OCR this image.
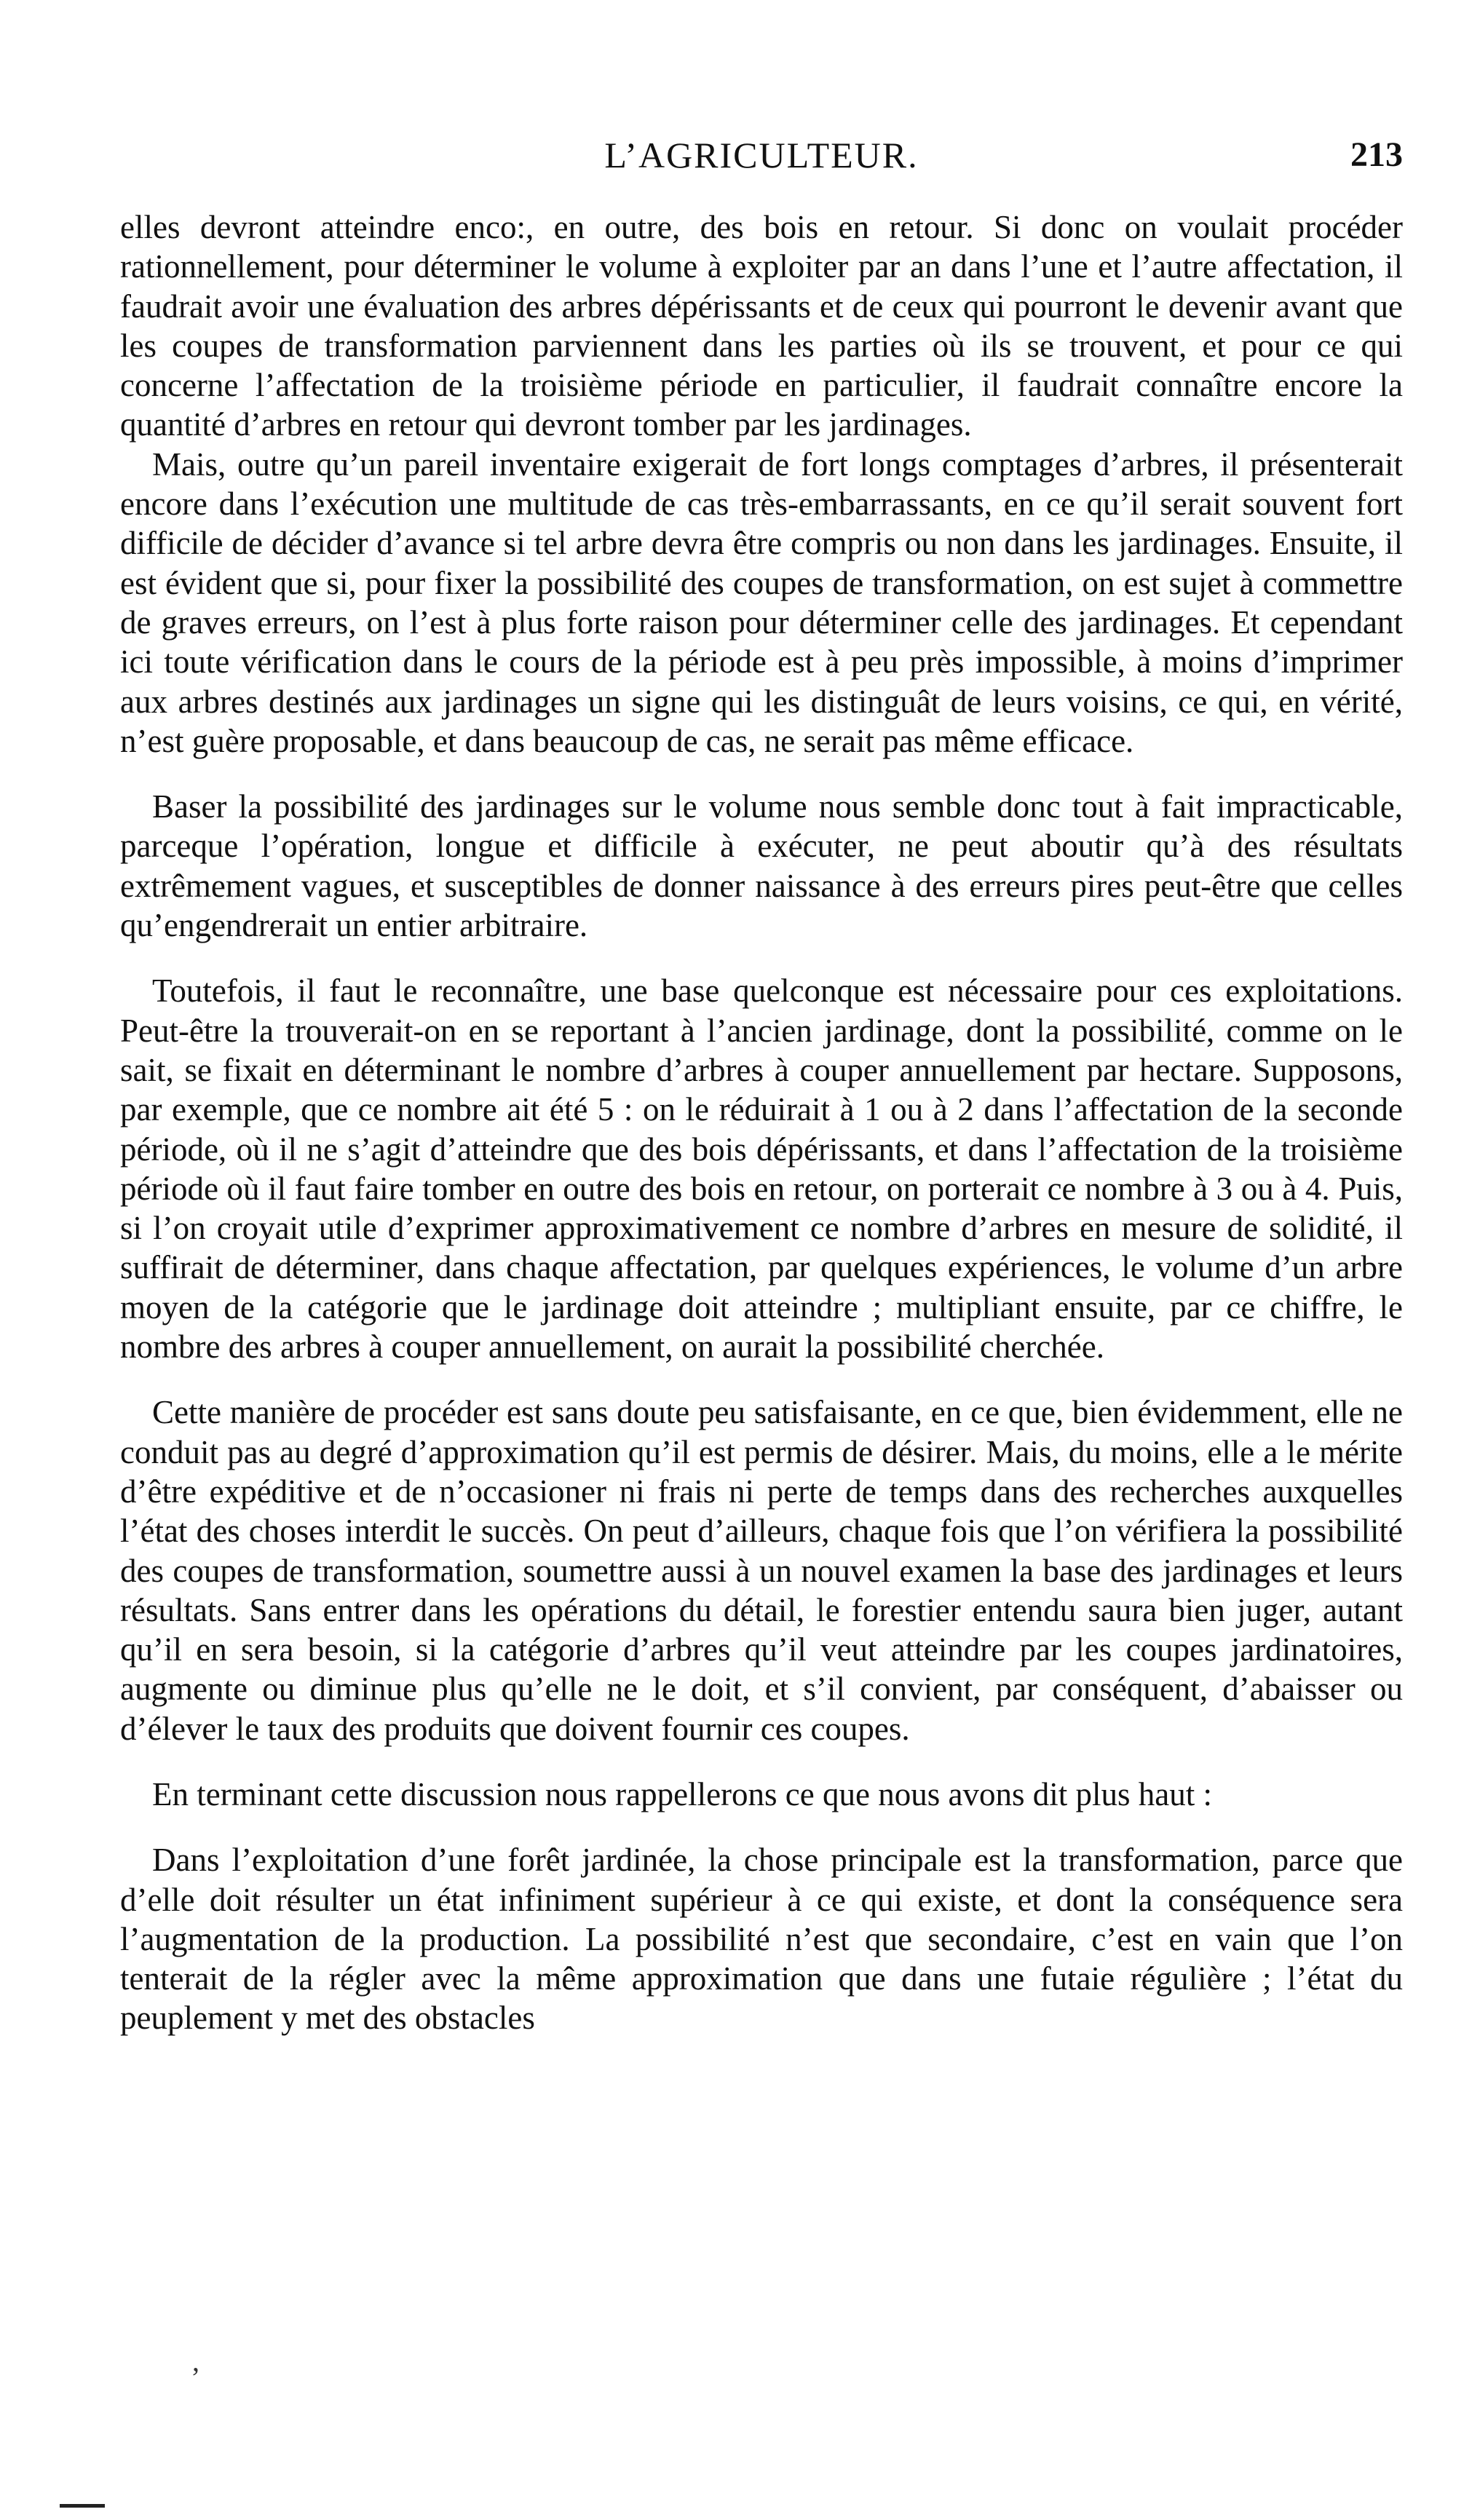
L’AGRICULTEUR.	213

elles devront atteindre enco​:, en outre, des bois en retour. Si donc on voulait procéder rationnellement, pour déterminer le volume à exploiter par an dans l’une et l’autre affectation, il faudrait avoir une évaluation des arbres dépérissants et de ceux qui pourront le devenir avant que les coupes de transformation parviennent dans les parties où ils se trouvent, et pour ce qui concerne l’affectation de la troisième période en particulier, il faudrait connaître encore la quantité d’arbres en retour qui devront tomber par les jardinages.

Mais, outre qu’un pareil inventaire exigerait de fort longs comptages d’arbres, il présenterait encore dans l’exécution une multitude de cas très-embarrassants, en ce qu’il serait souvent fort difficile de décider d’avance si tel arbre devra être compris ou non dans les jardinages. Ensuite, il est évident que si, pour fixer la possibilité des coupes de transformation, on est sujet à commettre de graves erreurs, on l’est à plus forte raison pour déterminer celle des jardinages. Et cependant ici toute vérification dans le cours de la période est à peu près impossible, à moins d’imprimer aux arbres destinés aux jardinages un signe qui les distinguât de leurs voisins, ce qui, en vérité, n’est guère proposable, et dans beaucoup de cas, ne serait pas même efficace.

Baser la possibilité des jardinages sur le volume nous semble donc tout à fait impracticable, parceque l’opération, longue et difficile à exécuter, ne peut aboutir qu’à des résultats extrêmement vagues, et susceptibles de donner naissance à des erreurs pires peut-être que celles qu’engendrerait un entier arbitraire.

Toutefois, il faut le reconnaître, une base quelconque est nécessaire pour ces exploitations. Peut-être la trouverait-on en se reportant à l’ancien jardinage, dont la possibilité, comme on le sait, se fixait en déterminant le nombre d’arbres à couper annuellement par hectare. Supposons, par exemple, que ce nombre ait été 5 : on le réduirait à 1 ou à 2 dans l’affectation de la seconde période, où il ne s’agit d’atteindre que des bois dépérissants, et dans l’affectation de la troisième période où il faut faire tomber en outre des bois en retour, on porterait ce nombre à 3 ou à 4. Puis, si l’on croyait utile d’exprimer approximativement ce nombre d’arbres en mesure de solidité, il suffirait de déterminer, dans chaque affectation, par quelques expériences, le volume d’un arbre moyen de la catégorie que le jardinage doit atteindre ; multipliant ensuite, par ce chiffre, le nombre des arbres à couper annuellement, on aurait la possibilité cherchée.

Cette manière de procéder est sans doute peu satisfaisante, en ce que, bien évidemment, elle ne conduit pas au degré d’approximation qu’il est permis de désirer. Mais, du moins, elle a le mérite d’être expéditive et de n’occasioner ni frais ni perte de temps dans des recherches auxquelles l’état des choses interdit le succès. On peut d’ailleurs, chaque fois que l’on vérifiera la possibilité des coupes de transformation, soumettre aussi à un nouvel examen la base des jardinages et leurs résultats. Sans entrer dans les opérations du détail, le forestier entendu saura bien juger, autant qu’il en sera besoin, si la catégorie d’arbres qu’il veut atteindre par les coupes jardinatoires, augmente ou diminue plus qu’elle ne le doit, et s’il convient, par conséquent, d’abaisser ou d’élever le taux des produits que doivent fournir ces coupes.

En terminant cette discussion nous rappellerons ce que nous avons dit plus haut :

Dans l’exploitation d’une forêt jardinée, la chose principale est la transformation, parce que d’elle doit résulter un état infiniment supérieur à ce qui existe, et dont la conséquence sera l’augmentation de la production. La possibilité n’est que secondaire, c’est en vain que l’on tenterait de la régler avec la même approximation que dans une futaie régulière ; l’état du peuplement y met des obstacles

ʼ
